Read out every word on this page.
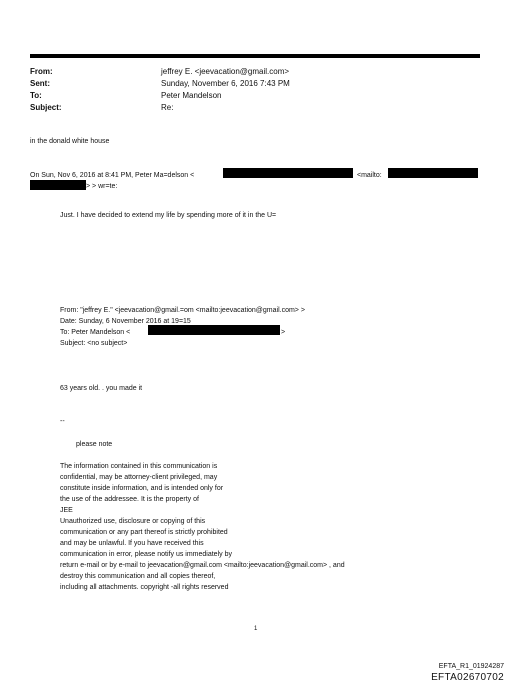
From:	jeffrey E. <jeevacation@gmail.com>
Sent:	Sunday, November 6, 2016 7:43 PM
To:	Peter Mandelson
Subject:	Re:
in the donald white house
On Sun, Nov 6, 2016 at 8:41 PM, Peter Ma=delson <	<mailto:
> > wr=te:
Just. I have decided to extend my life by spending more of it in the U=
From: "jeffrey E." <jeevacation@gmail.=om <mailto:jeevacation@gmail.com> >
Date: Sunday, 6 November 2016 at 19=15
To: Peter Mandelson <	>
Subject: <no subject>
63 years old. . you made it
--
please note
The information contained in this communication is
confidential, may be attorney-client privileged, may
constitute inside information, and is intended only for
the use of the addressee. It is the property of
JEE
Unauthorized use, disclosure or copying of this
communication or any part thereof is strictly prohibited
and may be unlawful. If you have received this
communication in error, please notify us immediately by
return e-mail or by e-mail to jeevacation@gmail.com <mailto:jeevacation@gmail.com> , and
destroy this communication and all copies thereof,
including all attachments. copyright -all rights reserved
1
EFTA_R1_01924287
EFTA02670702
